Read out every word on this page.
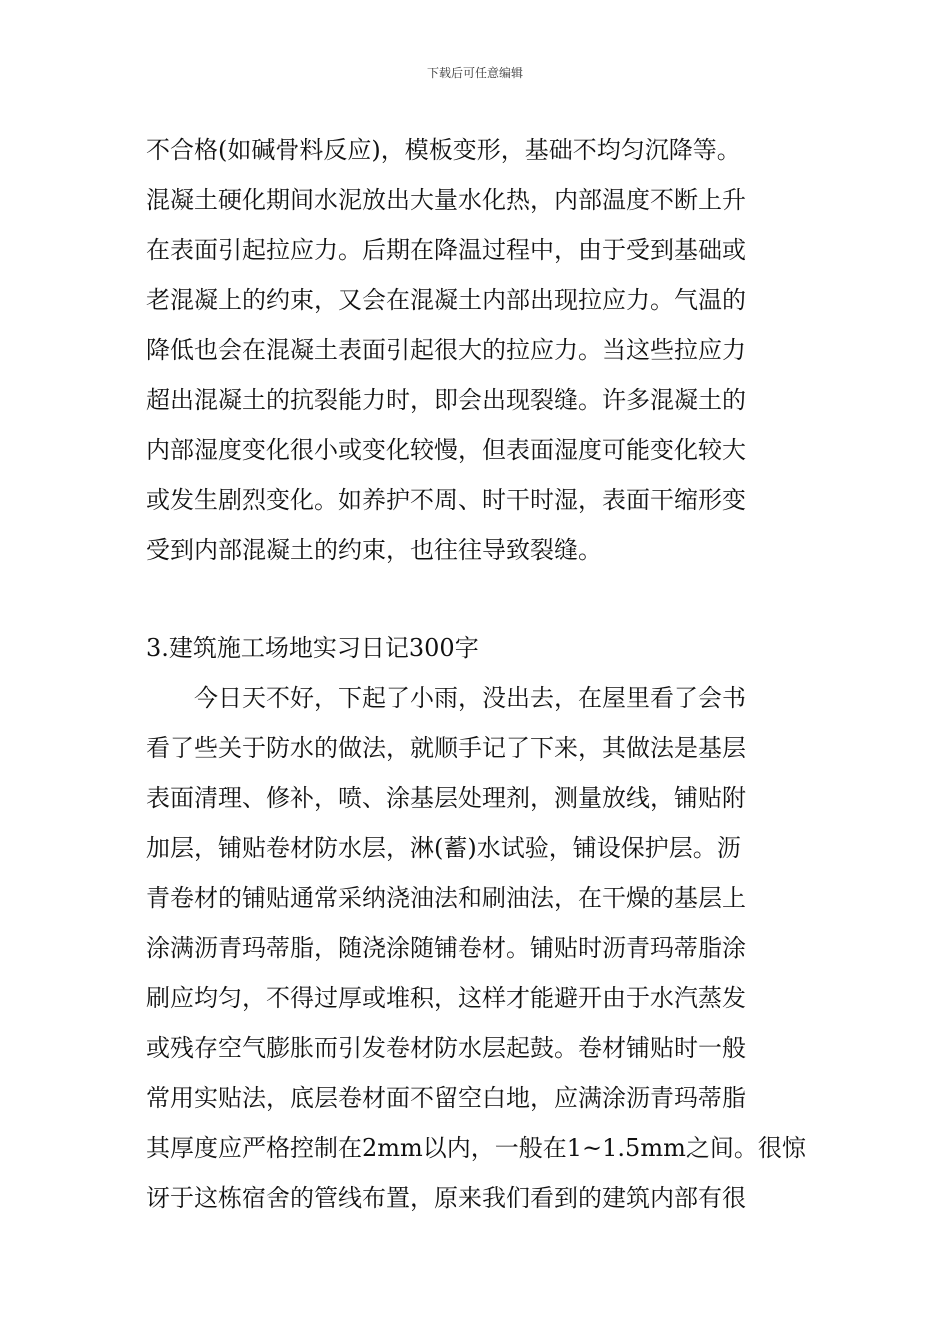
下载后可任意编辑
不合格(如碱骨料反应)，模板变形，基础不均匀沉降等。
混凝土硬化期间水泥放出大量水化热，内部温度不断上升
在表面引起拉应力。后期在降温过程中，由于受到基础或
老混凝上的约束，又会在混凝土内部出现拉应力。气温的
降低也会在混凝土表面引起很大的拉应力。当这些拉应力
超出混凝土的抗裂能力时，即会出现裂缝。许多混凝土的
内部湿度变化很小或变化较慢，但表面湿度可能变化较大
或发生剧烈变化。如养护不周、时干时湿，表面干缩形变
受到内部混凝土的约束，也往往导致裂缝。
3.建筑施工场地实习日记300字
今日天不好，下起了小雨，没出去，在屋里看了会书
看了些关于防水的做法，就顺手记了下来，其做法是基层
表面清理、修补，喷、涂基层处理剂，测量放线，铺贴附
加层，铺贴卷材防水层，淋(蓄)水试验，铺设保护层。沥
青卷材的铺贴通常采纳浇油法和刷油法，在干燥的基层上
涂满沥青玛蒂脂，随浇涂随铺卷材。铺贴时沥青玛蒂脂涂
刷应均匀，不得过厚或堆积，这样才能避开由于水汽蒸发
或残存空气膨胀而引发卷材防水层起鼓。卷材铺贴时一般
常用实贴法，底层卷材面不留空白地，应满涂沥青玛蒂脂
其厚度应严格控制在2mm以内，一般在1~1.5mm之间。很惊
讶于这栋宿舍的管线布置，原来我们看到的建筑内部有很
